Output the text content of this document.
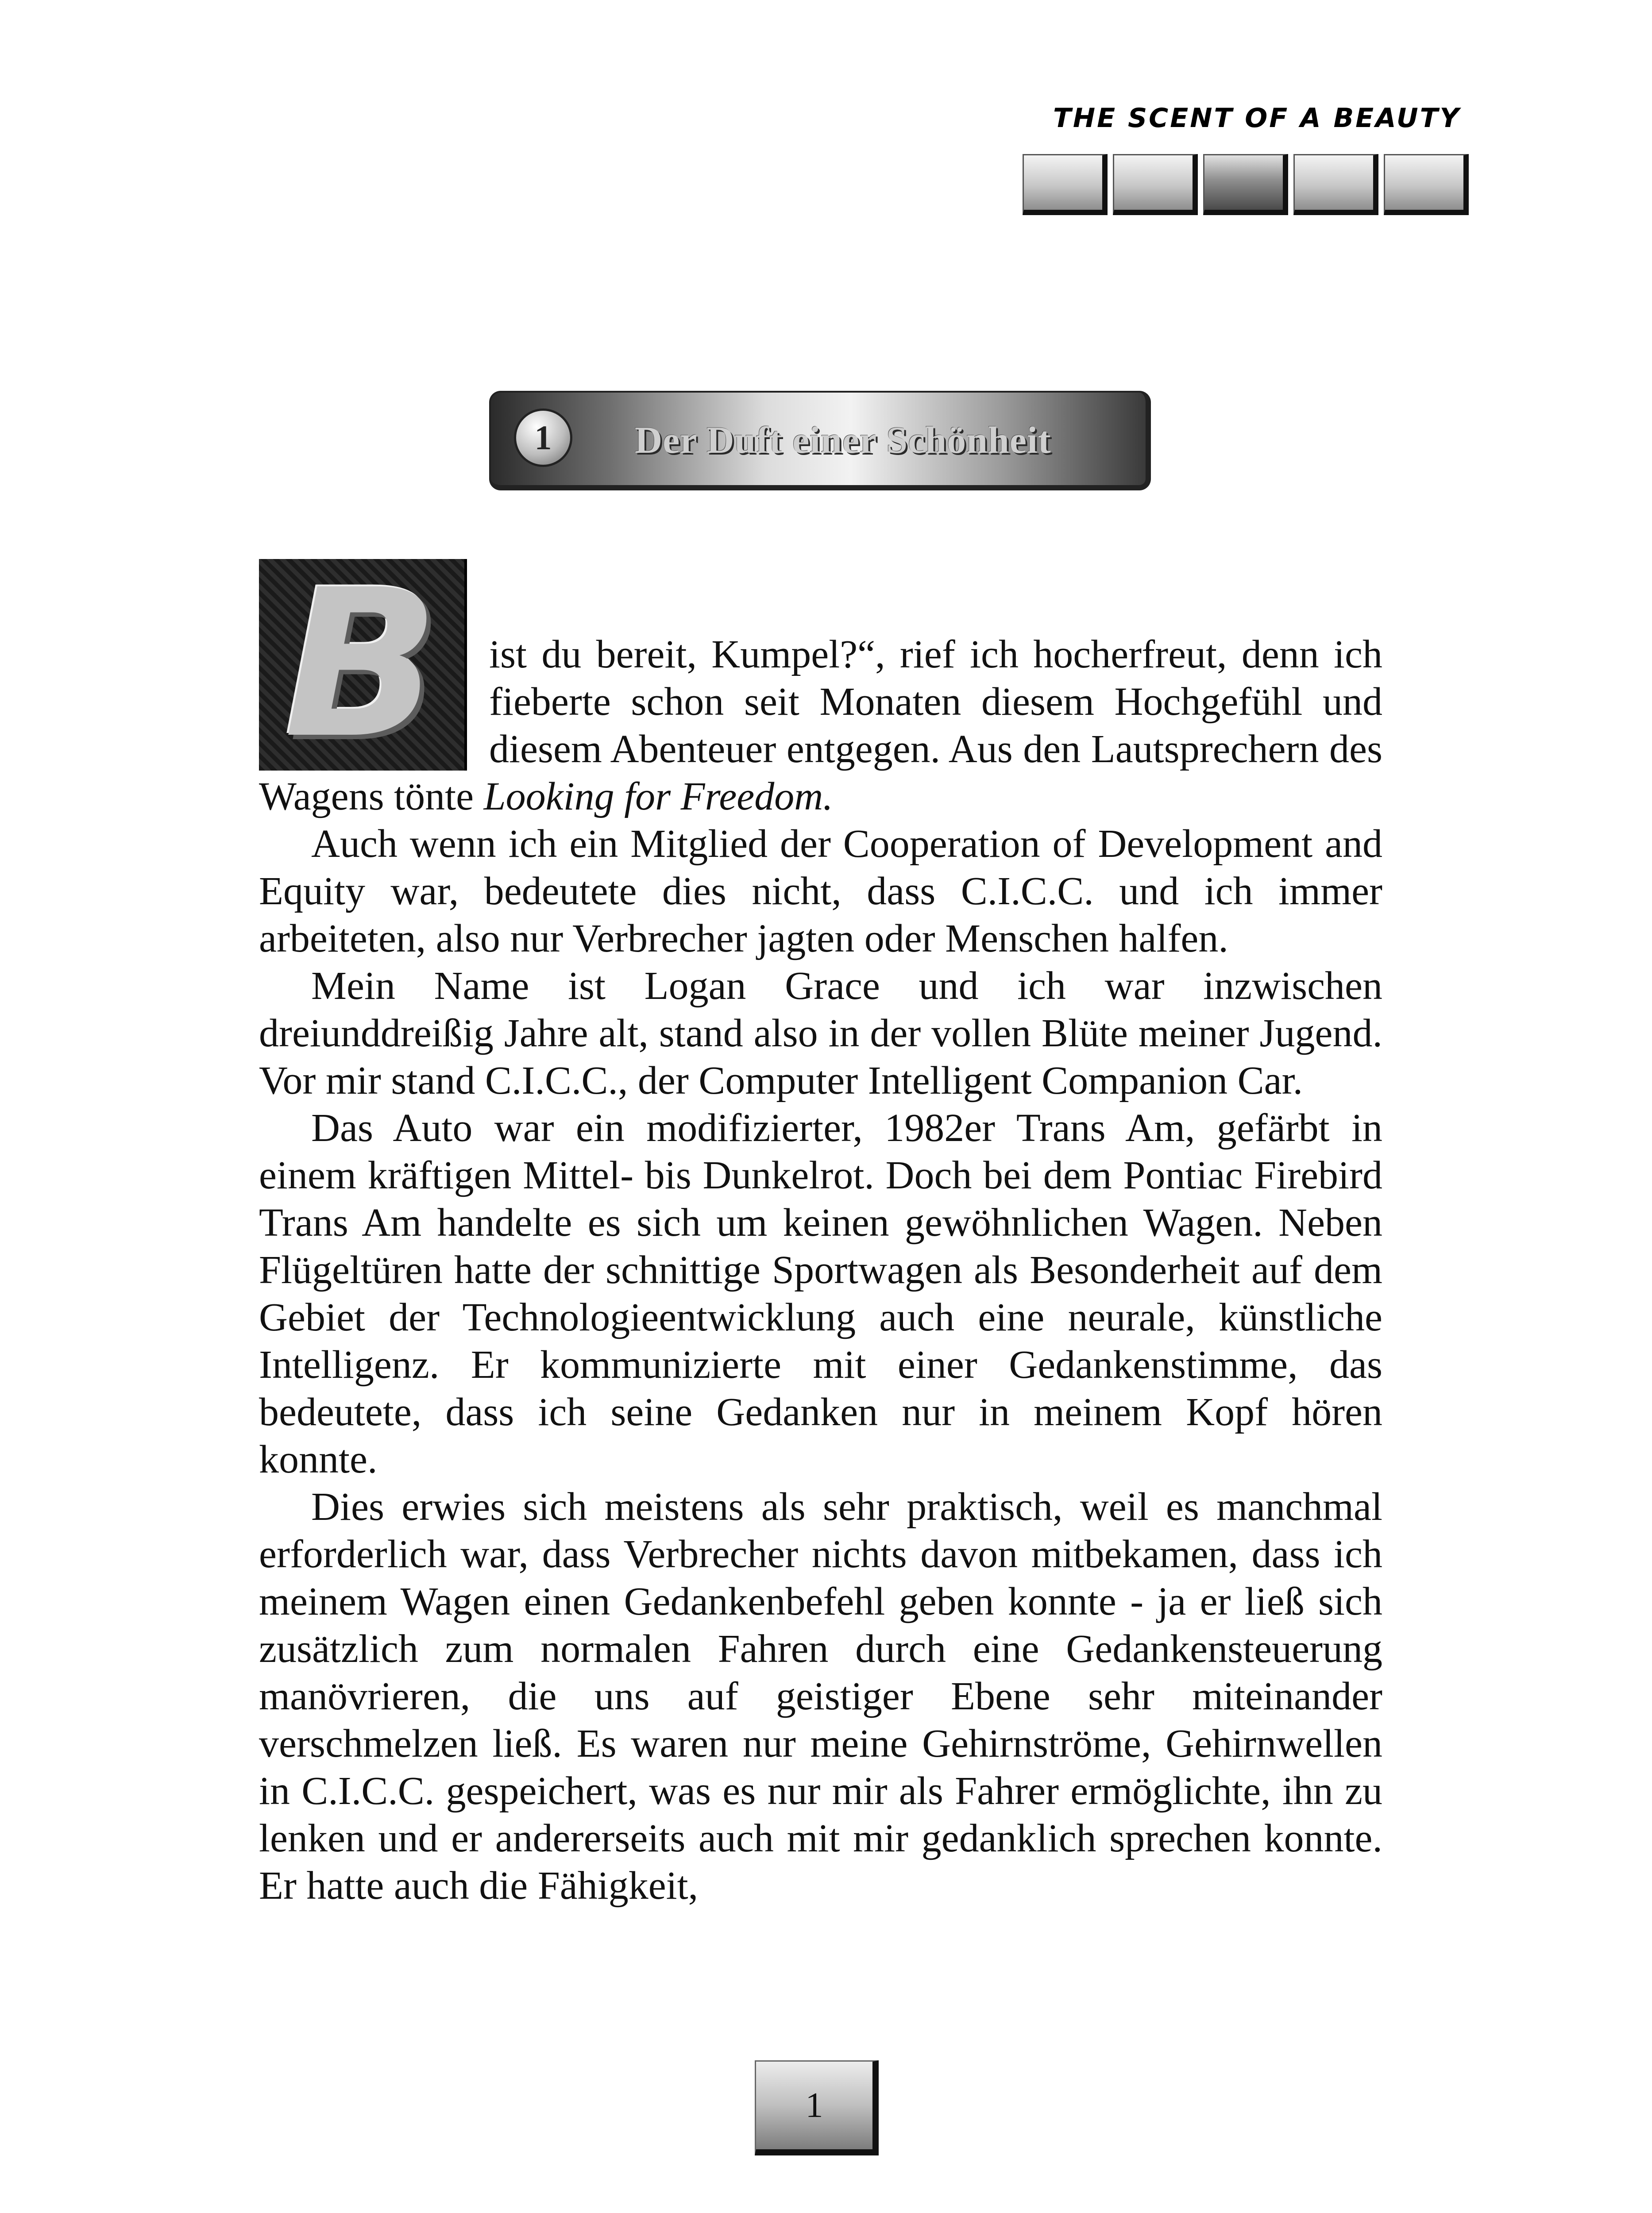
THE SCENT OF A BEAUTY
1	Der Duft einer Schönheit
B	ist du bereit, Kumpel?“, rief ich hocherfreut, denn ich fieberte schon seit Monaten diesem Hochgefühl und diesem Abenteuer entgegen. Aus den Lautsprechern des Wagens tönte Looking for Freedom.

Auch wenn ich ein Mitglied der Cooperation of Development and Equity war, bedeutete dies nicht, dass C.I.C.C. und ich immer arbeiteten, also nur Verbrecher jagten oder Menschen halfen.

Mein Name ist Logan Grace und ich war inzwischen dreiunddreißig Jahre alt, stand also in der vollen Blüte meiner Jugend. Vor mir stand C.I.C.C., der Computer Intelligent Companion Car.

Das Auto war ein modifizierter, 1982er Trans Am, gefärbt in einem kräftigen Mittel- bis Dunkelrot. Doch bei dem Pontiac Firebird Trans Am handelte es sich um keinen gewöhnlichen Wagen. Neben Flügeltüren hatte der schnittige Sportwagen als Besonderheit auf dem Gebiet der Technologieentwicklung auch eine neurale, künstliche Intelligenz. Er kommunizierte mit einer Gedankenstimme, das bedeutete, dass ich seine Gedanken nur in meinem Kopf hören konnte.

Dies erwies sich meistens als sehr praktisch, weil es manchmal erforderlich war, dass Verbrecher nichts davon mitbekamen, dass ich meinem Wagen einen Gedankenbefehl geben konnte - ja er ließ sich zusätzlich zum normalen Fahren durch eine Gedankensteuerung manövrieren, die uns auf geistiger Ebene sehr miteinander verschmelzen ließ. Es waren nur meine Gehirnströme, Gehirnwellen in C.I.C.C. gespeichert, was es nur mir als Fahrer ermöglichte, ihn zu lenken und er andererseits auch mit mir gedanklich sprechen konnte. Er hatte auch die Fähigkeit,

1
